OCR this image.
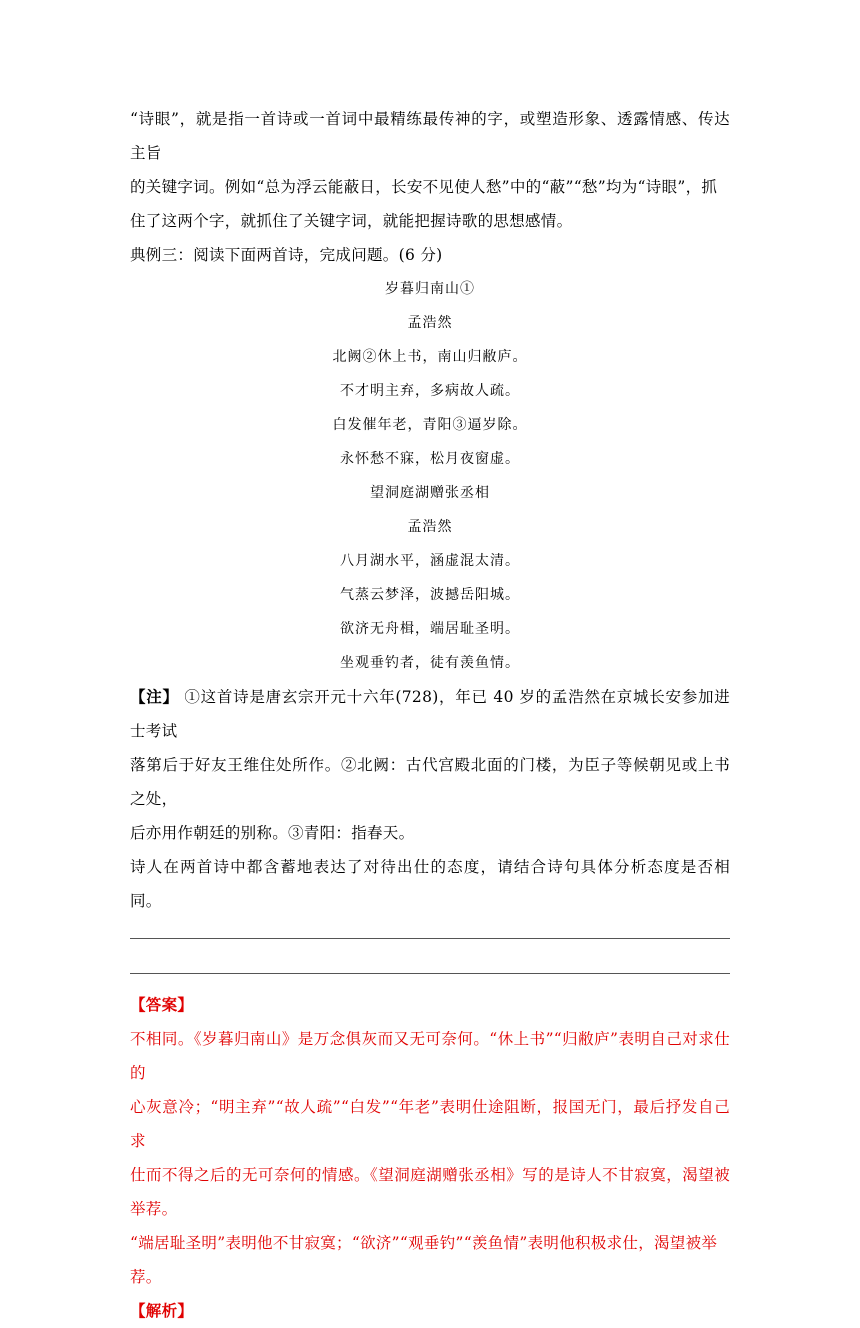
“诗眼”，就是指一首诗或一首词中最精练最传神的字，或塑造形象、透露情感、传达主旨

的关键字词。例如“总为浮云能蔽日，长安不见使人愁”中的“蔽”“愁”均为“诗眼”，抓

住了这两个字，就抓住了关键字词，就能把握诗歌的思想感情。

典例三：阅读下面两首诗，完成问题。(6 分)

岁暮归南山①

孟浩然

北阙②休上书，南山归敝庐。

不才明主弃，多病故人疏。

白发催年老，青阳③逼岁除。

永怀愁不寐，松月夜窗虚。

望洞庭湖赠张丞相

孟浩然

八月湖水平，涵虚混太清。

气蒸云梦泽，波撼岳阳城。

欲济无舟楫，端居耻圣明。

坐观垂钓者，徒有羡鱼情。

【注】 ①这首诗是唐玄宗开元十六年(728)，年已 40 岁的孟浩然在京城长安参加进士考试

落第后于好友王维住处所作。②北阙：古代宫殿北面的门楼，为臣子等候朝见或上书之处，

后亦用作朝廷的别称。③青阳：指春天。

诗人在两首诗中都含蓄地表达了对待出仕的态度，请结合诗句具体分析态度是否相同。

【答案】

不相同。《岁暮归南山》是万念俱灰而又无可奈何。“休上书”“归敝庐”表明自己对求仕的

心灰意冷；“明主弃”“故人疏”“白发”“年老”表明仕途阻断，报国无门，最后抒发自己求

仕而不得之后的无可奈何的情感。《望洞庭湖赠张丞相》写的是诗人不甘寂寞，渴望被举荐。

“端居耻圣明”表明他不甘寂寞；“欲济”“观垂钓”“羡鱼情”表明他积极求仕，渴望被举

荐。

【解析】
